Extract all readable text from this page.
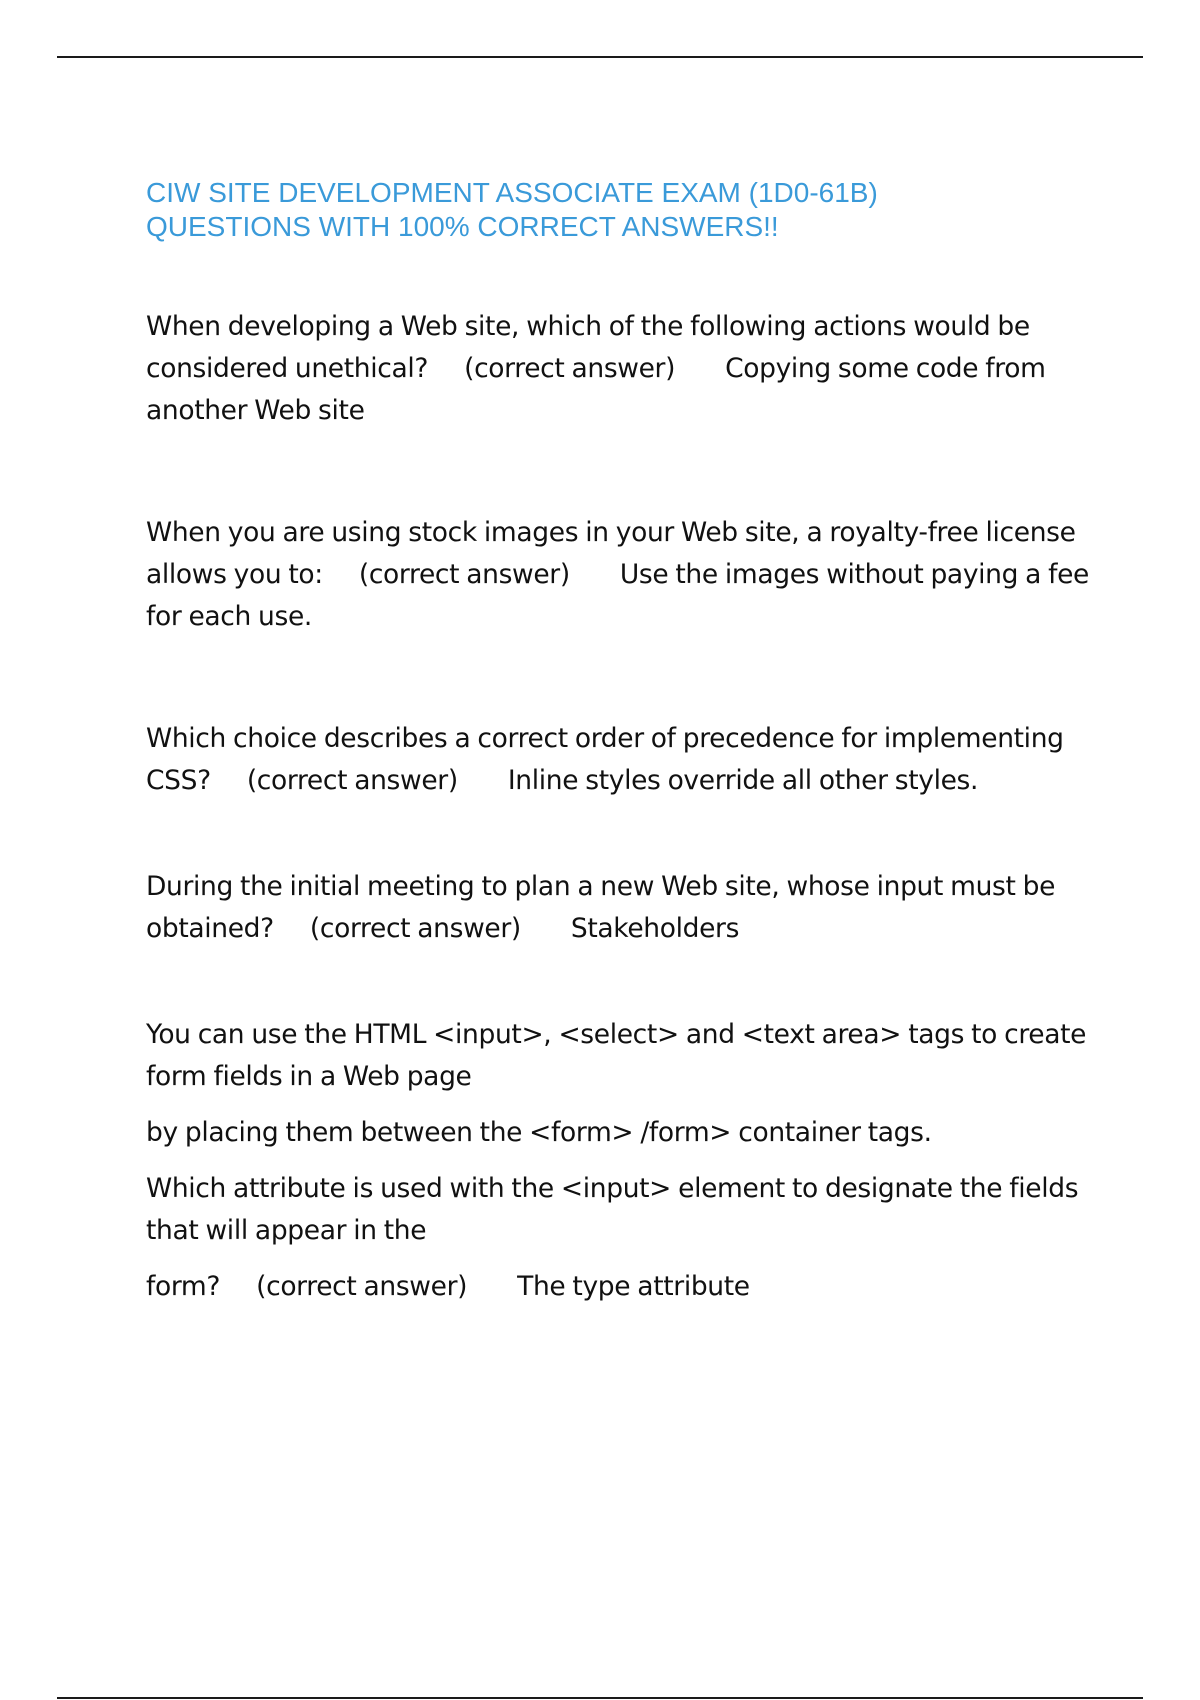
CIW SITE DEVELOPMENT ASSOCIATE EXAM (1D0-61B)
QUESTIONS WITH 100% CORRECT ANSWERS!!

When developing a Web site, which of the following actions would be considered unethical? (correct answer) Copying some code from another Web site

When you are using stock images in your Web site, a royalty-free license allows you to: (correct answer) Use the images without paying a fee for each use.

Which choice describes a correct order of precedence for implementing CSS? (correct answer) Inline styles override all other styles.

During the initial meeting to plan a new Web site, whose input must be obtained? (correct answer) Stakeholders

You can use the HTML <input>, <select> and <text area> tags to create form fields in a Web page

by placing them between the <form> /form> container tags.

Which attribute is used with the <input> element to designate the fields that will appear in the

form? (correct answer) The type attribute
